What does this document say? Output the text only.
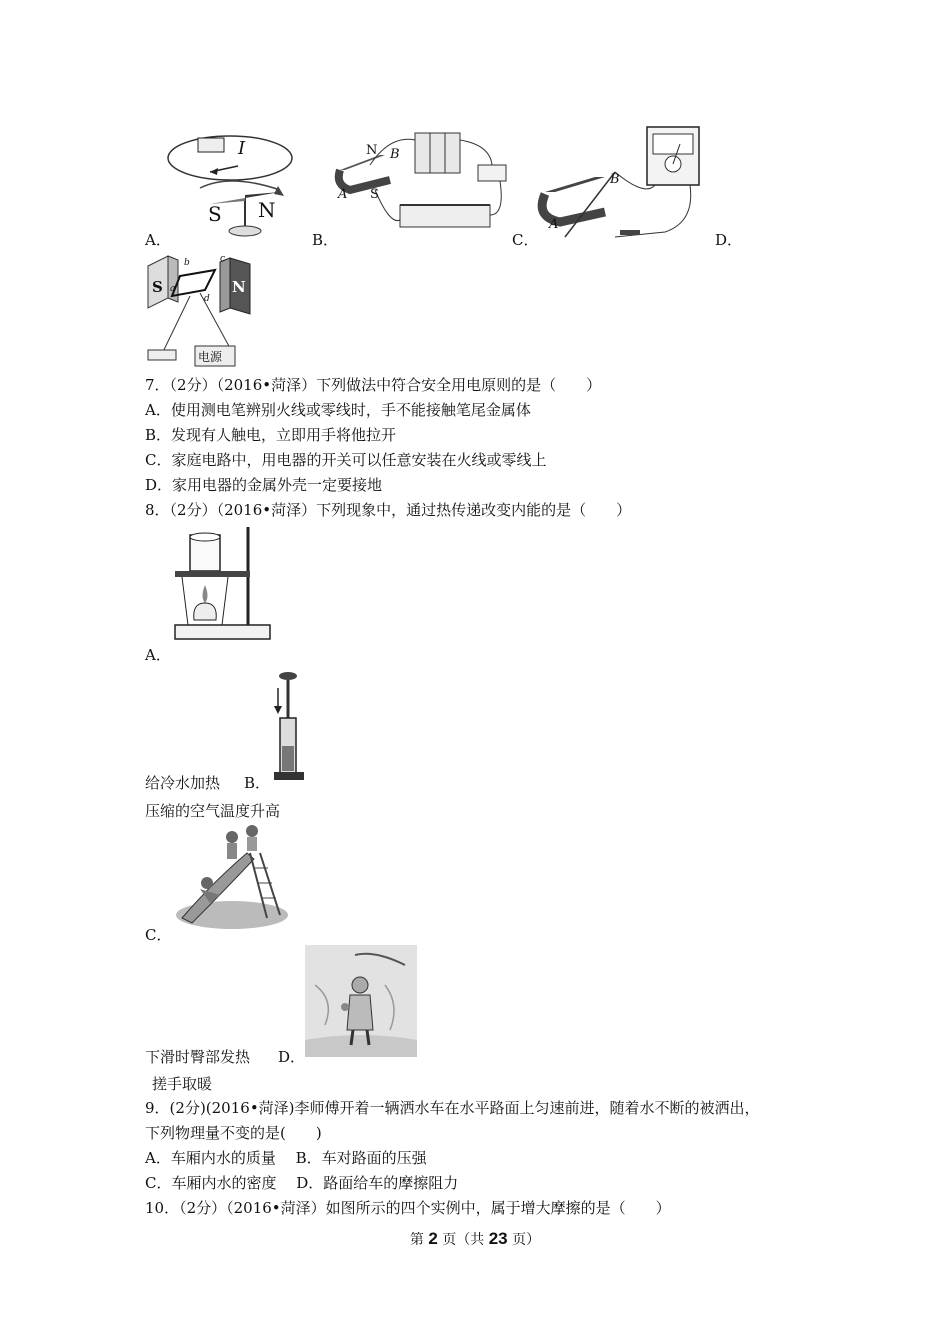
I
S N
A．
N B
A S
B．
A
B
C．	D．
S	N
电源
a
b	c
d
7．（2分）（2016•菏泽）下列做法中符合安全用电原则的是（　　）
A．使用测电笔辨别火线或零线时，手不能接触笔尾金属体
B．发现有人触电，立即用手将他拉开
C．家庭电路中，用电器的开关可以任意安装在火线或零线上
D．家用电器的金属外壳一定要接地
8．（2分）（2016•菏泽）下列现象中，通过热传递改变内能的是（　　）
A．
给冷水加热 B．
压缩的空气温度升高
C．
下滑时臀部发热 D．
搓手取暖
9．(2分)(2016•菏泽)李师傅开着一辆洒水车在水平路面上匀速前进，随着水不断的被洒出，
下列物理量不变的是(　　)
A．车厢内水的质量　 B．车对路面的压强
C．车厢内水的密度　 D．路面给车的摩擦阻力
10．（2分）（2016•菏泽）如图所示的四个实例中，属于增大摩擦的是（　　）
第 2 页（共 23 页）
